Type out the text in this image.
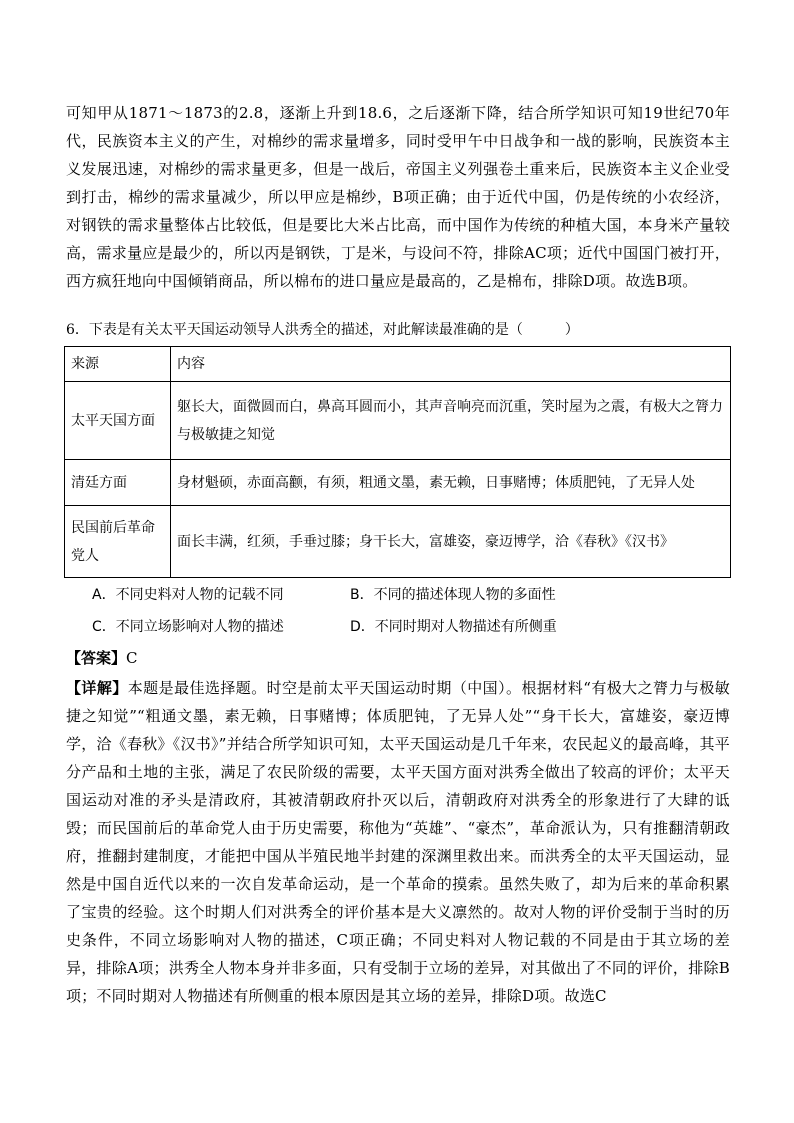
可知甲从1871～1873的2.8，逐渐上升到18.6，之后逐渐下降，结合所学知识可知19世纪70年代，民族资本主义的产生，对棉纱的需求量增多，同时受甲午中日战争和一战的影响，民族资本主义发展迅速，对棉纱的需求量更多，但是一战后，帝国主义列强卷土重来后，民族资本主义企业受到打击，棉纱的需求量减少，所以甲应是棉纱，B项正确；由于近代中国，仍是传统的小农经济，对钢铁的需求量整体占比较低，但是要比大米占比高，而中国作为传统的种植大国，本身米产量较高，需求量应是最少的，所以丙是钢铁，丁是米，与设问不符，排除AC项；近代中国国门被打开，西方疯狂地向中国倾销商品，所以棉布的进口量应是最高的，乙是棉布，排除D项。故选B项。

6．下表是有关太平天国运动领导人洪秀全的描述，对此解读最准确的是（　　　）

来源	内容
太平天国方面	躯长大，面微圆而白，鼻高耳圆而小，其声音响亮而沉重，笑时屋为之震，有极大之膂力与极敏捷之知觉
清廷方面	身材魁硕，赤面高颧，有须，粗通文墨，素无赖，日事赌博；体质肥钝，了无异人处
民国前后革命党人	面长丰满，红须，手垂过膝；身干长大，富雄姿，豪迈博学，洽《春秋》《汉书》
A．不同史料对人物的记载不同	B．不同的描述体现人物的多面性
C．不同立场影响对人物的描述	D．不同时期对人物描述有所侧重
【答案】C

【详解】本题是最佳选择题。时空是前太平天国运动时期（中国）。根据材料“有极大之膂力与极敏捷之知觉”“粗通文墨，素无赖，日事赌博；体质肥钝，了无异人处”“身干长大，富雄姿，豪迈博学，洽《春秋》《汉书》”并结合所学知识可知，太平天国运动是几千年来，农民起义的最高峰，其平分产品和土地的主张，满足了农民阶级的需要，太平天国方面对洪秀全做出了较高的评价；太平天国运动对准的矛头是清政府，其被清朝政府扑灭以后，清朝政府对洪秀全的形象进行了大肆的诋毁；而民国前后的革命党人由于历史需要，称他为“英雄”、“豪杰”，革命派认为，只有推翻清朝政府，推翻封建制度，才能把中国从半殖民地半封建的深渊里救出来。而洪秀全的太平天国运动，显然是中国自近代以来的一次自发革命运动，是一个革命的摸索。虽然失败了，却为后来的革命积累了宝贵的经验。这个时期人们对洪秀全的评价基本是大义凛然的。故对人物的评价受制于当时的历史条件，不同立场影响对人物的描述，C项正确；不同史料对人物记载的不同是由于其立场的差异，排除A项；洪秀全人物本身并非多面，只有受制于立场的差异，对其做出了不同的评价，排除B项；不同时期对人物描述有所侧重的根本原因是其立场的差异，排除D项。故选C
